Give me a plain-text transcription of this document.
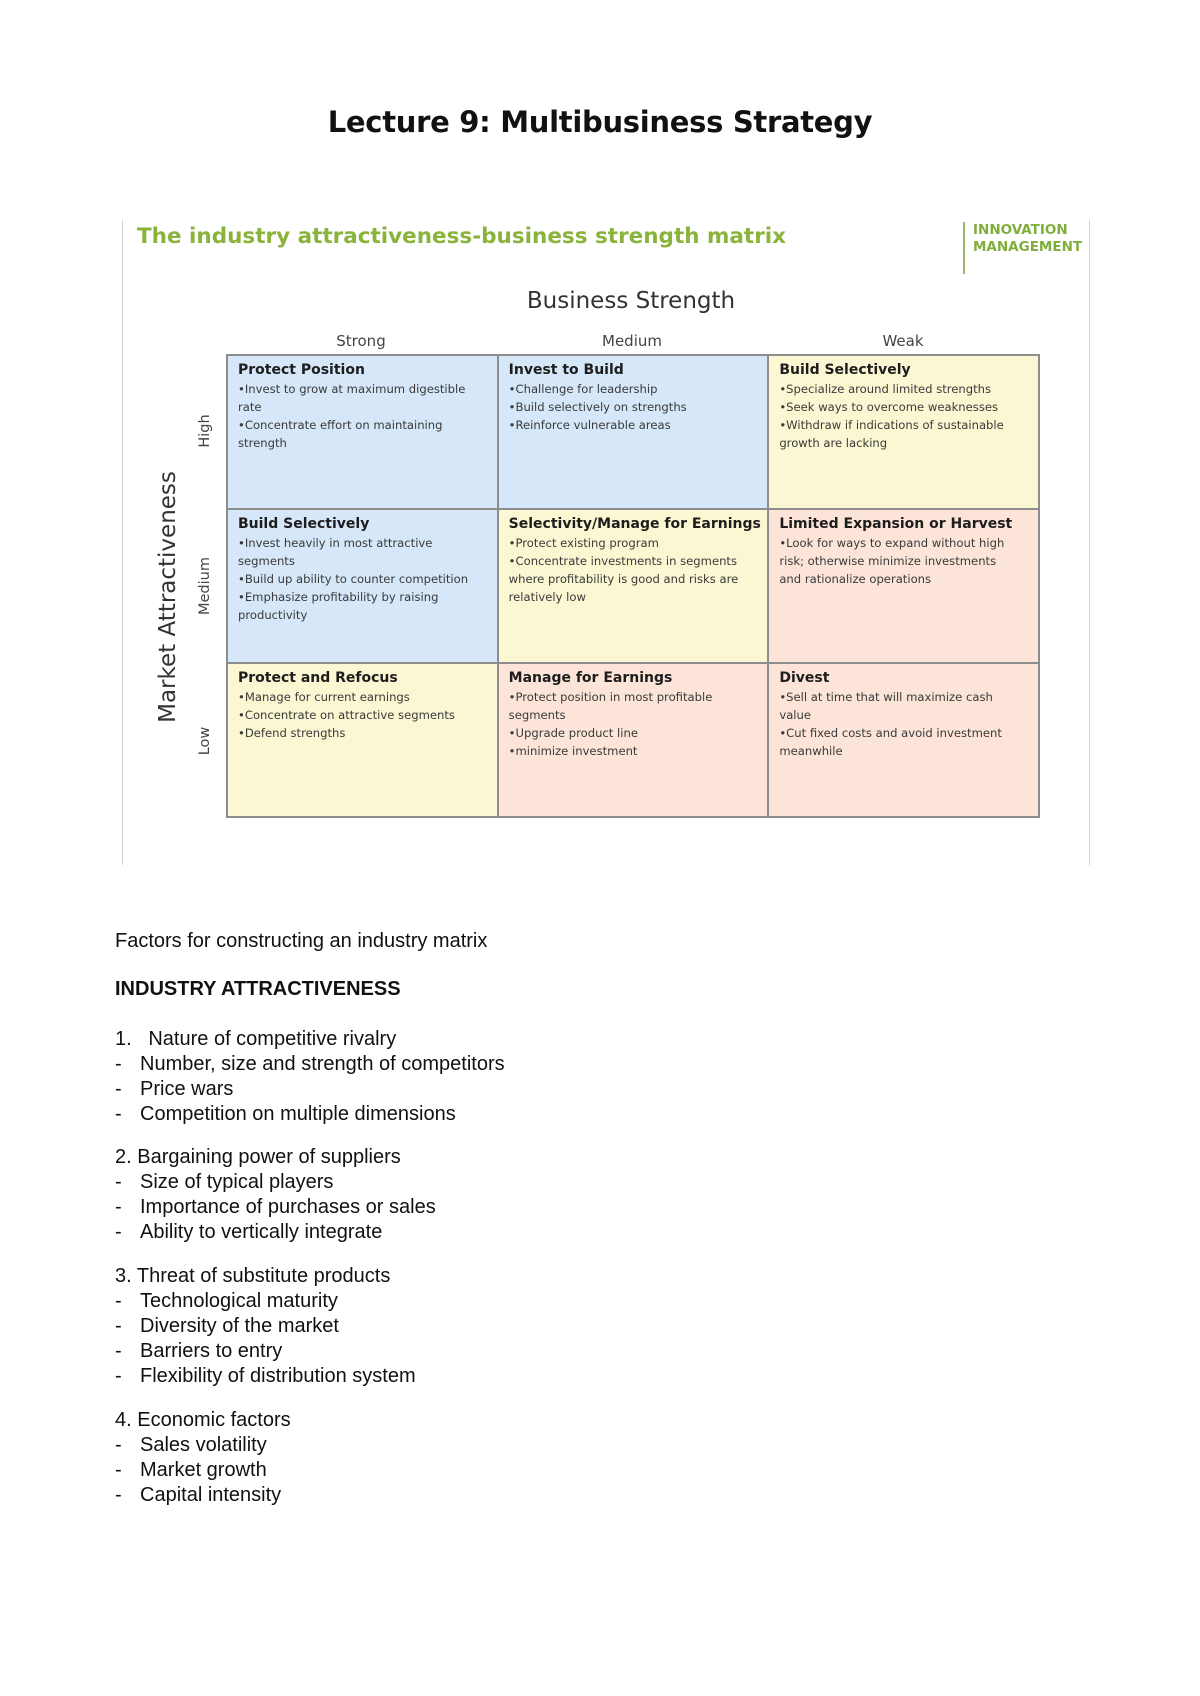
Lecture 9: Multibusiness Strategy
The industry attractiveness-business strength matrix	INNOVATION
MANAGEMENT
Business Strength
Strong	Medium	Weak
Market Attractiveness
High
Medium
Low
Protect Position
• Invest to grow at maximum digestible
rate
• Concentrate effort on maintaining
strength
Invest to Build
• Challenge for leadership
• Build selectively on strengths
• Reinforce vulnerable areas
Build Selectively
• Specialize around limited strengths
• Seek ways to overcome weaknesses
• Withdraw if indications of sustainable
growth are lacking
Build Selectively
• Invest heavily in most attractive
segments
• Build up ability to counter competition
• Emphasize profitability by raising
productivity
Selectivity/Manage for Earnings
• Protect existing program
• Concentrate investments in segments
where profitability is good and risks are
relatively low
Limited Expansion or Harvest
• Look for ways to expand without high
risk; otherwise minimize investments
and rationalize operations
Protect and Refocus
• Manage for current earnings
• Concentrate on attractive segments
• Defend strengths
Manage for Earnings
• Protect position in most profitable
segments
• Upgrade product line
• minimize investment
Divest
• Sell at time that will maximize cash
value
• Cut fixed costs and avoid investment
meanwhile
Factors for constructing an industry matrix
INDUSTRY ATTRACTIVENESS
1. Nature of competitive rivalry
- Number, size and strength of competitors
- Price wars
- Competition on multiple dimensions
2. Bargaining power of suppliers
- Size of typical players
- Importance of purchases or sales
- Ability to vertically integrate
3. Threat of substitute products
- Technological maturity
- Diversity of the market
- Barriers to entry
- Flexibility of distribution system
4. Economic factors
- Sales volatility
- Market growth
- Capital intensity
